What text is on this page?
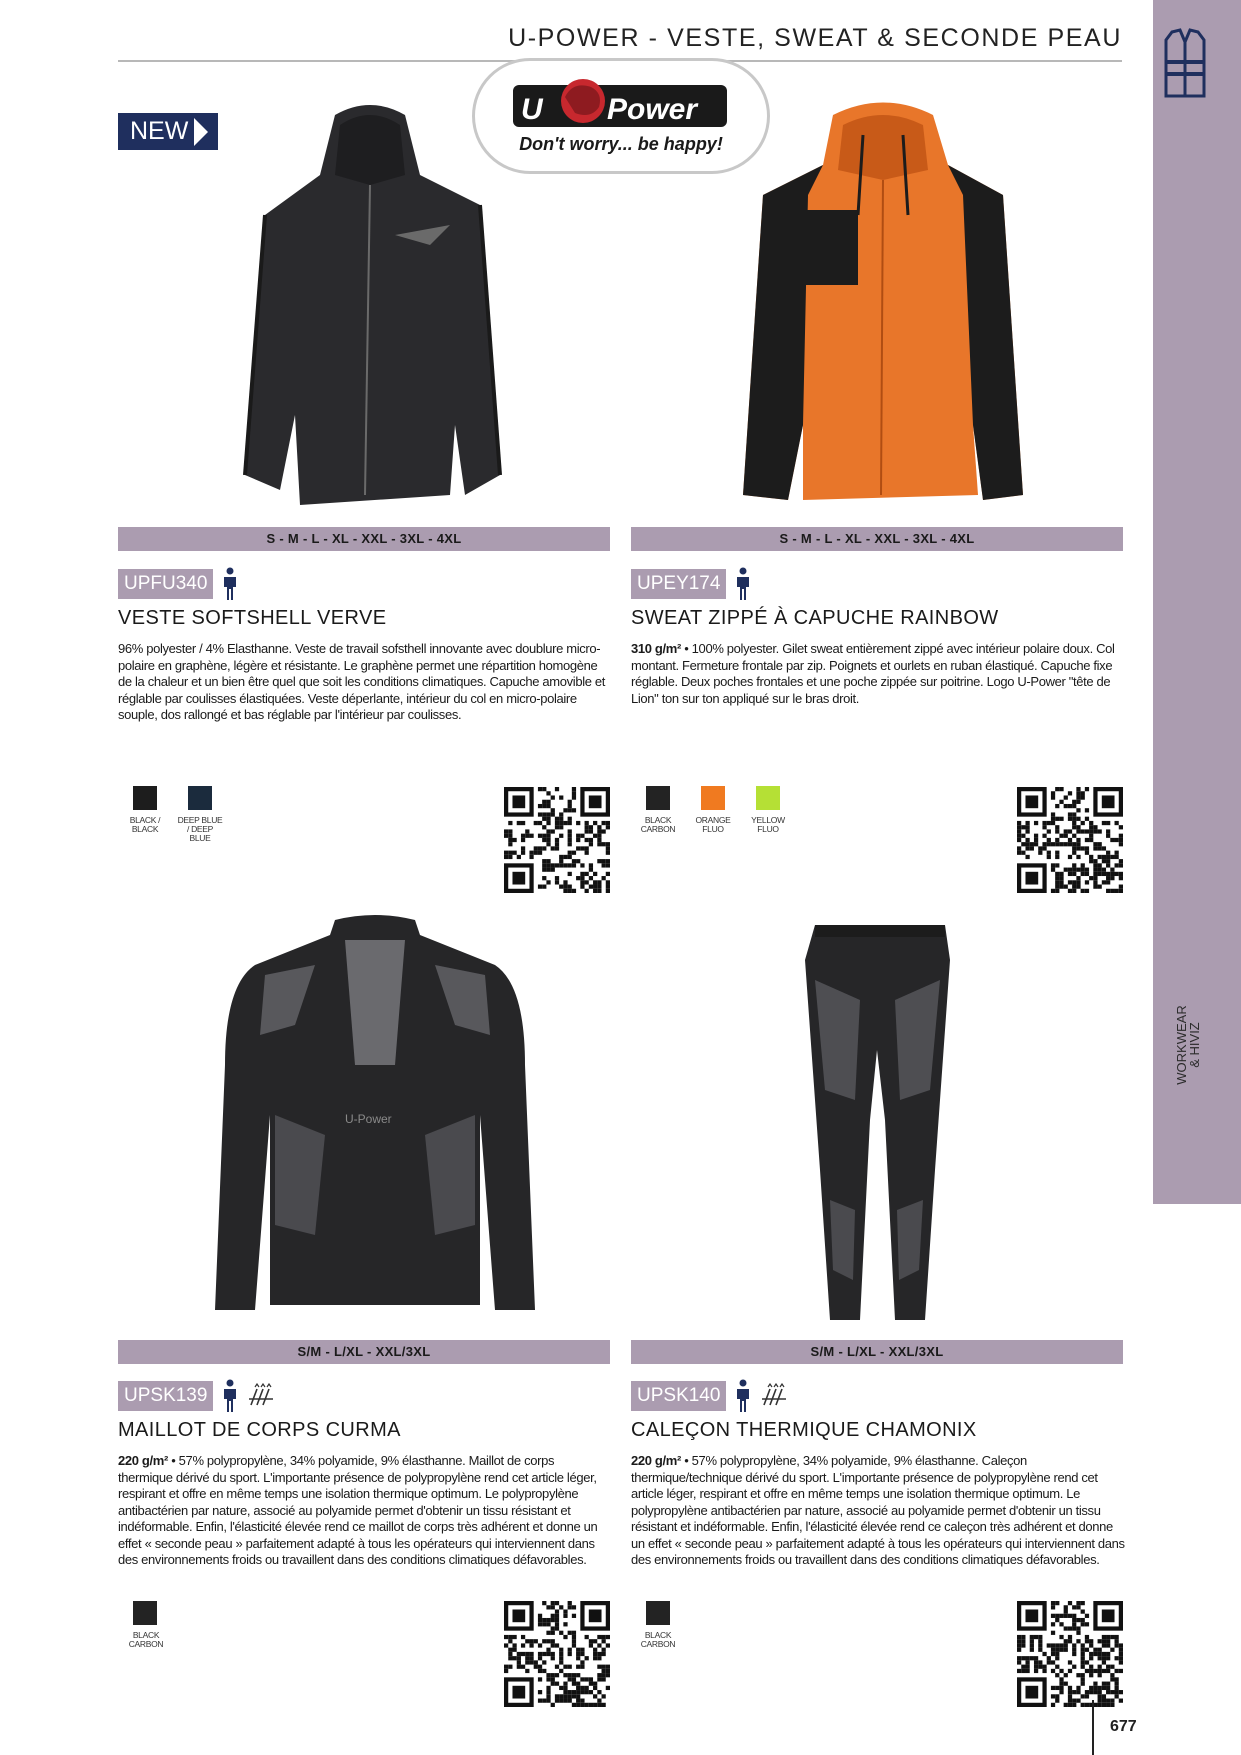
U-POWER - VESTE, SWEAT & SECONDE PEAU
WORKWEAR
& HIVIZ
NEW
U Power
Don't worry... be happy!
S - M - L - XL - XXL - 3XL - 4XL	S - M - L - XL - XXL - 3XL - 4XL
UPFU340
VESTE SOFTSHELL VERVE
96% polyester / 4% Elasthanne. Veste de travail sofsthell innovante avec doublure micro-polaire en graphène, légère et résistante. Le graphène permet une répartition homogène de la chaleur et un bien être quel que soit les conditions climatiques. Capuche amovible et réglable par coulisses élastiquées. Veste déperlante, intérieur du col en micro-polaire souple, dos rallongé et bas réglable par l'intérieur par coulisses.
UPEY174
SWEAT ZIPPÉ À CAPUCHE RAINBOW
310 g/m² • 100% polyester. Gilet sweat entièrement zippé avec intérieur polaire doux. Col montant. Fermeture frontale par zip. Poignets et ourlets en ruban élastiqué. Capuche fixe réglable. Deux poches frontales et une poche zippée sur poitrine. Logo U-Power "tête de Lion" ton sur ton appliqué sur le bras droit.
BLACK / BLACK
DEEP BLUE / DEEP BLUE
BLACK CARBON
ORANGE FLUO
YELLOW FLUO
U-Power
S/M - L/XL - XXL/3XL	S/M - L/XL - XXL/3XL
UPSK139
MAILLOT DE CORPS CURMA
220 g/m² • 57% polypropylène, 34% polyamide, 9% élasthanne. Maillot de corps thermique dérivé du sport. L'importante présence de polypropylène rend cet article léger, respirant et offre en même temps une isolation thermique optimum. Le polypropylène antibactérien par nature, associé au polyamide permet d'obtenir un tissu résistant et indéformable. Enfin, l'élasticité élevée rend ce maillot de corps très adhérent et donne un effet « seconde peau » parfaitement adapté à tous les opérateurs qui interviennent dans des environnements froids ou travaillent dans des conditions climatiques défavorables.
UPSK140
CALEÇON THERMIQUE CHAMONIX
220 g/m² • 57% polypropylène, 34% polyamide, 9% élasthanne. Caleçon thermique/technique dérivé du sport. L'importante présence de polypropylène rend cet article léger, respirant et offre en même temps une isolation thermique optimum. Le polypropylène antibactérien par nature, associé au polyamide permet d'obtenir un tissu résistant et indéformable. Enfin, l'élasticité élevée rend ce caleçon très adhérent et donne un effet « seconde peau » parfaitement adapté à tous les opérateurs qui interviennent dans des environnements froids ou travaillent dans des conditions climatiques défavorables.
BLACK CARBON
BLACK CARBON
677
